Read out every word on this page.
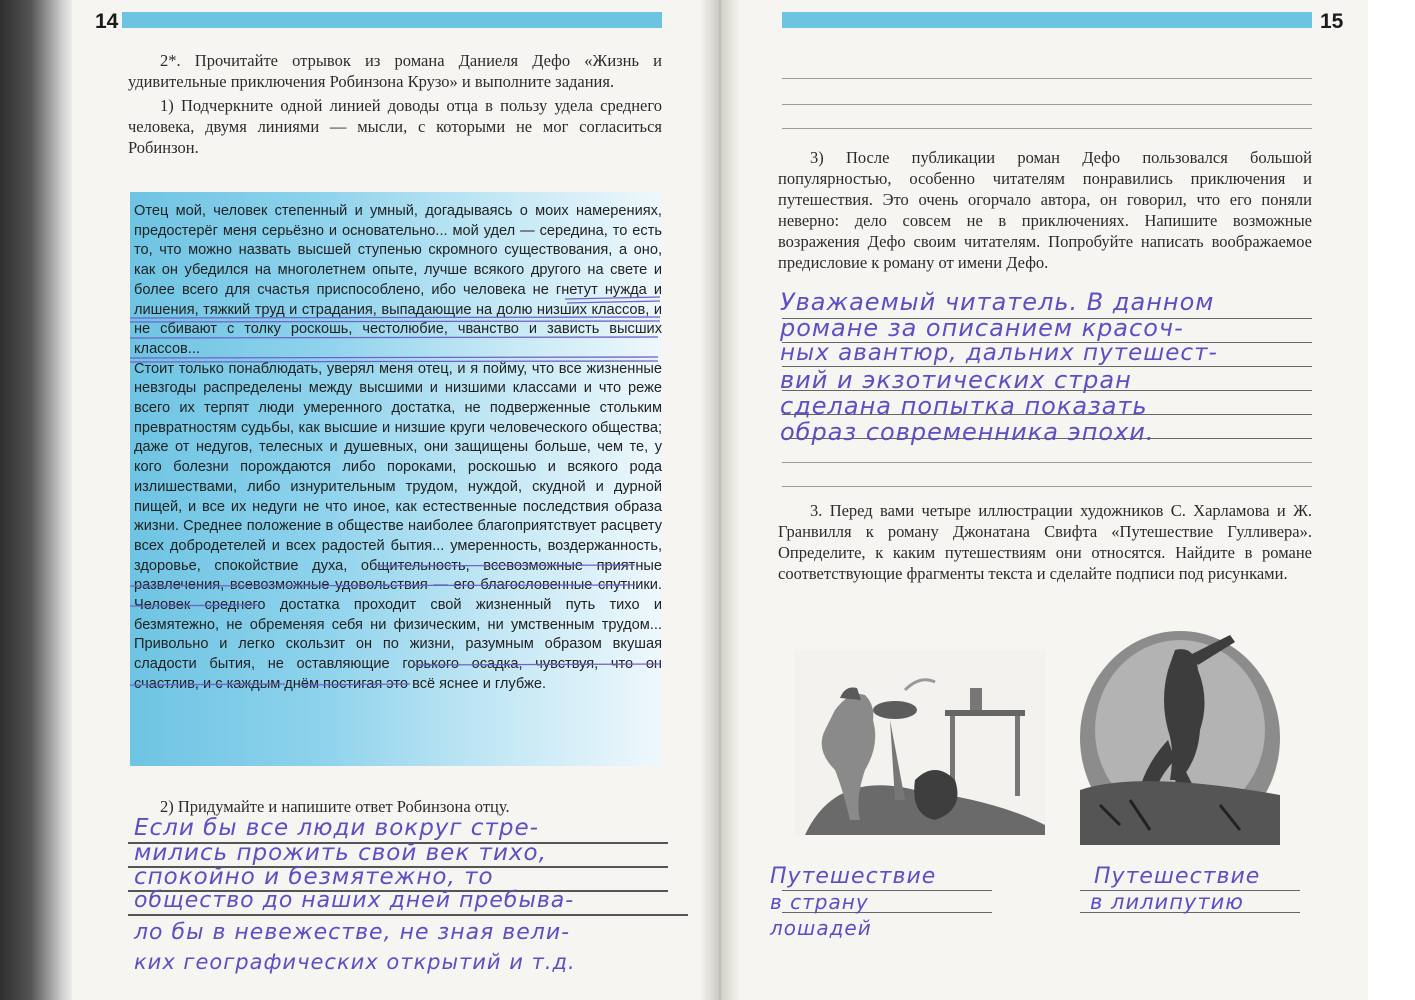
14

2*. Прочитайте отрывок из романа Даниеля Дефо «Жизнь и удивительные приключения Робинзона Крузо» и выполните задания.

1) Подчеркните одной линией доводы отца в пользу удела среднего человека, двумя линиями — мысли, с которыми не мог согласиться Робинзон.

Отец мой, человек степенный и умный, догадываясь о моих намерениях, предостерёг меня серьёзно и основательно... мой удел — середина, то есть то, что можно назвать высшей ступенью скромного существования, а оно, как он убедился на многолетнем опыте, лучше всякого другого на свете и более всего для счастья приспособлено, ибо человека не гнетут нужда и лишения, тяжкий труд и страдания, выпадающие на долю низших классов, и не сбивают с толку роскошь, честолюбие, чванство и зависть высших классов...

Стоит только понаблюдать, уверял меня отец, и я пойму, что все жизненные невзгоды распределены между высшими и низшими классами и что реже всего их терпят люди умеренного достатка, не подверженные стольким превратностям судьбы, как высшие и низшие круги человеческого общества; даже от недугов, телесных и душевных, они защищены больше, чем те, у кого болезни порождаются либо пороками, роскошью и всякого рода излишествами, либо изнурительным трудом, нуждой, скудной и дурной пищей, и все их недуги не что иное, как естественные последствия образа жизни. Среднее положение в обществе наиболее благоприятствует расцвету всех добродетелей и всех радостей бытия... умеренность, воздержанность, здоровье, спокойствие духа, общительность, всевозможные приятные развлечения, всевозможные удовольствия — его благословенные спутники. Человек среднего достатка проходит свой жизненный путь тихо и безмятежно, не обременяя себя ни физическим, ни умственным трудом... Привольно и легко скользит он по жизни, разумным образом вкушая сладости бытия, не оставляющие горького осадка, чувствуя, что он счастлив, и с каждым днём постигая это всё яснее и глубже.

2) Придумайте и напишите ответ Робинзона отцу.

Если бы все люди вокруг стре-
мились прожить свой век тихо,
спокойно и безмятежно, то
общество до наших дней пребыва-
ло бы в невежестве, не зная вели-
ких географических открытий и т.д.
15

3) После публикации роман Дефо пользовался большой популярностью, особенно читателям понравились приключения и путешествия. Это очень огорчало автора, он говорил, что его поняли неверно: дело совсем не в приключениях. Напишите возможные возражения Дефо своим читателям. Попробуйте написать воображаемое предисловие к роману от имени Дефо.

Уважаемый читатель. В данном
романе за описанием красоч-
ных авантюр, дальних путешест-
вий и экзотических стран
сделана попытка показать
образ современника эпохи.

3. Перед вами четыре иллюстрации художников С. Харламова и Ж. Гранвилля к роману Джонатана Свифта «Путешествие Гулливера». Определите, к каким путешествиям они относятся. Найдите в романе соответствующие фрагменты текста и сделайте подписи под рисунками.

Путешествие
в страну
лошадей
Путешествие
в лилипутию
